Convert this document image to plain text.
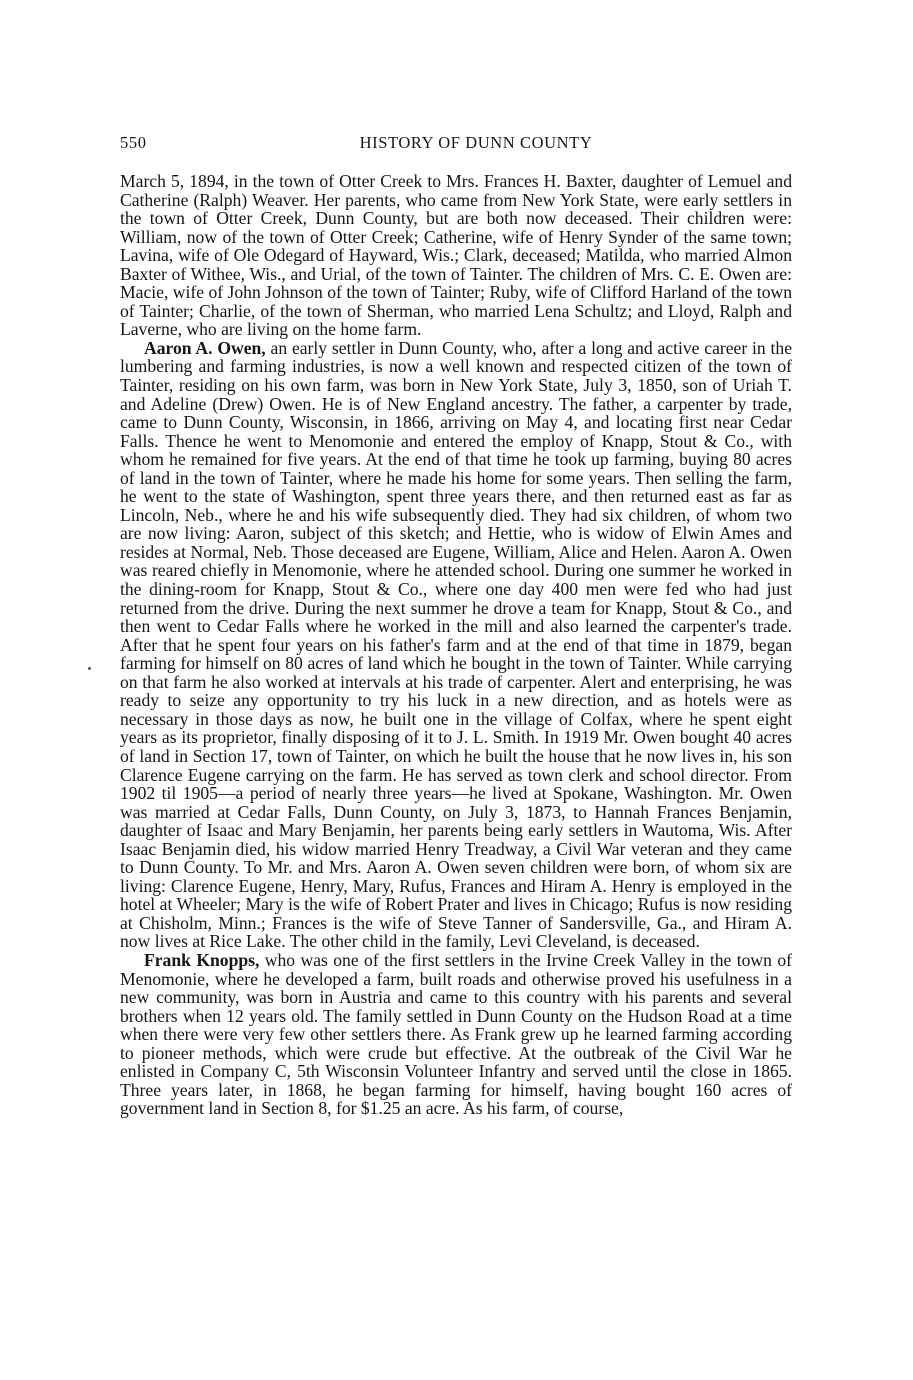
550	HISTORY OF DUNN COUNTY

March 5, 1894, in the town of Otter Creek to Mrs. Frances H. Baxter, daughter of Lemuel and Catherine (Ralph) Weaver. Her parents, who came from New York State, were early settlers in the town of Otter Creek, Dunn County, but are both now deceased. Their children were: William, now of the town of Otter Creek; Catherine, wife of Henry Synder of the same town; Lavina, wife of Ole Odegard of Hayward, Wis.; Clark, deceased; Matilda, who married Almon Baxter of Withee, Wis., and Urial, of the town of Tainter. The children of Mrs. C. E. Owen are: Macie, wife of John Johnson of the town of Tainter; Ruby, wife of Clifford Harland of the town of Tainter; Charlie, of the town of Sherman, who married Lena Schultz; and Lloyd, Ralph and Laverne, who are living on the home farm.

Aaron A. Owen, an early settler in Dunn County, who, after a long and active career in the lumbering and farming industries, is now a well known and respected citizen of the town of Tainter, residing on his own farm, was born in New York State, July 3, 1850, son of Uriah T. and Adeline (Drew) Owen. He is of New England ancestry. The father, a carpenter by trade, came to Dunn County, Wisconsin, in 1866, arriving on May 4, and locating first near Cedar Falls. Thence he went to Menomonie and entered the employ of Knapp, Stout & Co., with whom he remained for five years. At the end of that time he took up farming, buying 80 acres of land in the town of Tainter, where he made his home for some years. Then selling the farm, he went to the state of Washington, spent three years there, and then returned east as far as Lincoln, Neb., where he and his wife subsequently died. They had six children, of whom two are now living: Aaron, subject of this sketch; and Hettie, who is widow of Elwin Ames and resides at Normal, Neb. Those deceased are Eugene, William, Alice and Helen. Aaron A. Owen was reared chiefly in Menomonie, where he attended school. During one summer he worked in the dining-room for Knapp, Stout & Co., where one day 400 men were fed who had just returned from the drive. During the next summer he drove a team for Knapp, Stout & Co., and then went to Cedar Falls where he worked in the mill and also learned the carpenter's trade. After that he spent four years on his father's farm and at the end of that time in 1879, began farming for himself on 80 acres of land which he bought in the town of Tainter. While carrying on that farm he also worked at intervals at his trade of carpenter. Alert and enterprising, he was ready to seize any opportunity to try his luck in a new direction, and as hotels were as necessary in those days as now, he built one in the village of Colfax, where he spent eight years as its proprietor, finally disposing of it to J. L. Smith. In 1919 Mr. Owen bought 40 acres of land in Section 17, town of Tainter, on which he built the house that he now lives in, his son Clarence Eugene carrying on the farm. He has served as town clerk and school director. From 1902 til 1905—a period of nearly three years—he lived at Spokane, Washington. Mr. Owen was married at Cedar Falls, Dunn County, on July 3, 1873, to Hannah Frances Benjamin, daughter of Isaac and Mary Benjamin, her parents being early settlers in Wautoma, Wis. After Isaac Benjamin died, his widow married Henry Treadway, a Civil War veteran and they came to Dunn County. To Mr. and Mrs. Aaron A. Owen seven children were born, of whom six are living: Clarence Eugene, Henry, Mary, Rufus, Frances and Hiram A. Henry is employed in the hotel at Wheeler; Mary is the wife of Robert Prater and lives in Chicago; Rufus is now residing at Chisholm, Minn.; Frances is the wife of Steve Tanner of Sandersville, Ga., and Hiram A. now lives at Rice Lake. The other child in the family, Levi Cleveland, is deceased.

Frank Knopps, who was one of the first settlers in the Irvine Creek Valley in the town of Menomonie, where he developed a farm, built roads and otherwise proved his usefulness in a new community, was born in Austria and came to this country with his parents and several brothers when 12 years old. The family settled in Dunn County on the Hudson Road at a time when there were very few other settlers there. As Frank grew up he learned farming according to pioneer methods, which were crude but effective. At the outbreak of the Civil War he enlisted in Company C, 5th Wisconsin Volunteer Infantry and served until the close in 1865. Three years later, in 1868, he began farming for himself, having bought 160 acres of government land in Section 8, for $1.25 an acre. As his farm, of course,
